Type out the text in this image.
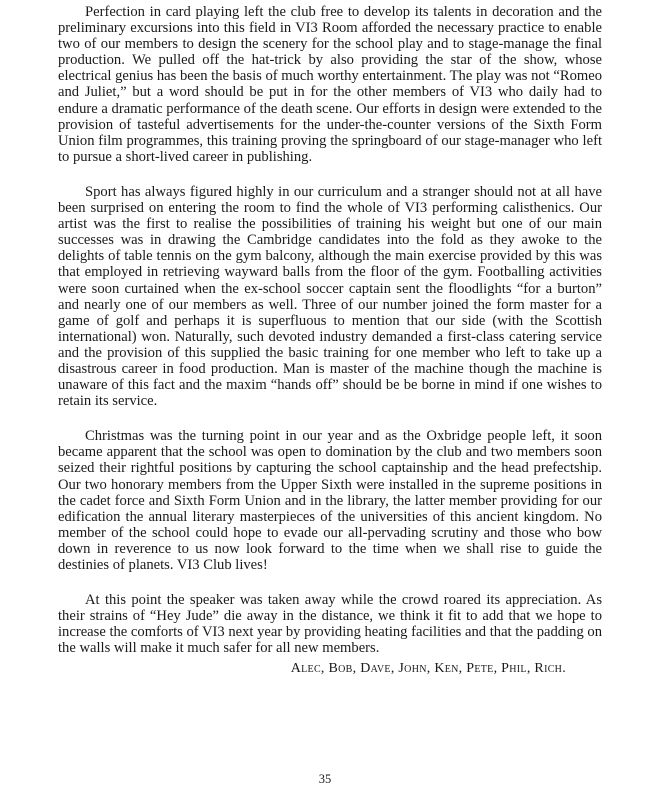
Perfection in card playing left the club free to develop its talents in decoration and the preliminary excursions into this field in VI3 Room afforded the necessary practice to enable two of our members to design the scenery for the school play and to stage-manage the final production. We pulled off the hat-trick by also providing the star of the show, whose electrical genius has been the basis of much worthy entertainment. The play was not “Romeo and Juliet,” but a word should be put in for the other members of VI3 who daily had to endure a dramatic performance of the death scene. Our efforts in design were extended to the provision of tasteful advertisements for the under-the-counter versions of the Sixth Form Union film programmes, this training proving the springboard of our stage-manager who left to pursue a short-lived career in publishing.

Sport has always figured highly in our curriculum and a stranger should not at all have been surprised on entering the room to find the whole of VI3 performing calisthenics. Our artist was the first to realise the possibilities of training his weight but one of our main successes was in drawing the Cambridge candidates into the fold as they awoke to the delights of table tennis on the gym balcony, although the main exercise provided by this was that employed in retrieving wayward balls from the floor of the gym. Footballing activities were soon curtained when the ex-school soccer captain sent the floodlights “for a burton” and nearly one of our members as well. Three of our number joined the form master for a game of golf and perhaps it is superfluous to mention that our side (with the Scottish international) won. Naturally, such devoted industry demanded a first-class catering service and the provision of this supplied the basic training for one member who left to take up a disastrous career in food production. Man is master of the machine though the machine is unaware of this fact and the maxim “hands off” should be be borne in mind if one wishes to retain its service.

Christmas was the turning point in our year and as the Oxbridge people left, it soon became apparent that the school was open to domination by the club and two members soon seized their rightful positions by capturing the school captainship and the head prefectship. Our two honorary members from the Upper Sixth were installed in the supreme positions in the cadet force and Sixth Form Union and in the library, the latter member providing for our edification the annual literary masterpieces of the universities of this ancient kingdom. No member of the school could hope to evade our all-pervading scrutiny and those who bow down in reverence to us now look forward to the time when we shall rise to guide the destinies of planets. VI3 Club lives!

At this point the speaker was taken away while the crowd roared its appreciation. As their strains of “Hey Jude” die away in the distance, we think it fit to add that we hope to increase the comforts of VI3 next year by providing heating facilities and that the padding on the walls will make it much safer for all new members.

Alec, Bob, Dave, John, Ken, Pete, Phil, Rich.
35
